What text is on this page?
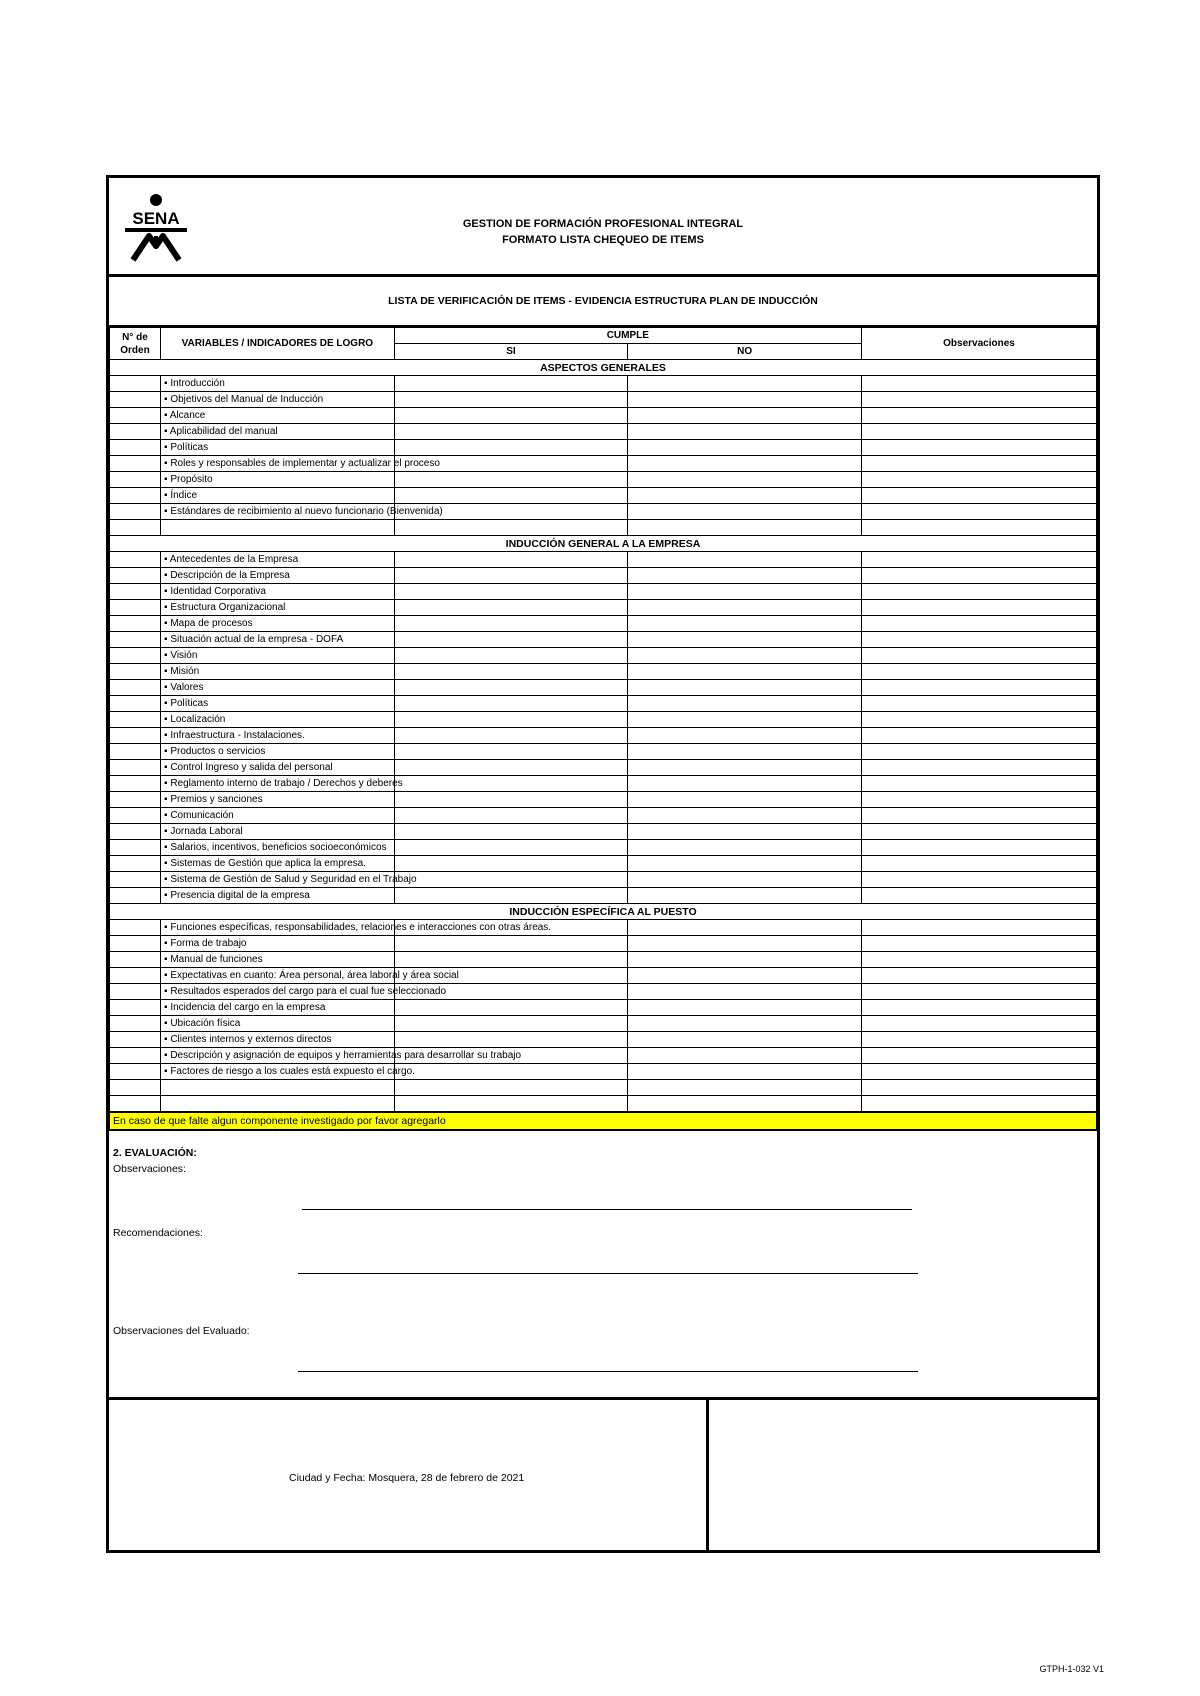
SENA	GESTION DE FORMACIÓN PROFESIONAL INTEGRAL
FORMATO LISTA CHEQUEO DE ITEMS
LISTA DE VERIFICACIÓN DE ITEMS - EVIDENCIA ESTRUCTURA PLAN DE INDUCCIÓN
N° de
Orden	VARIABLES / INDICADORES DE LOGRO	CUMPLE		Observaciones
		SI	NO	
ASPECTOS GENERALES				
	▪ Introducción			
	▪ Objetivos del Manual de Inducción			
	▪ Alcance			
	▪ Aplicabilidad del manual			
	▪ Políticas			
	▪ Roles y responsables de implementar y actualizar el proceso			
	▪ Propósito			
	▪ Índice			
	▪ Estándares de recibimiento al nuevo funcionario (Bienvenida)			

INDUCCIÓN GENERAL A LA EMPRESA				
	▪ Antecedentes de la Empresa			
	▪ Descripción de la Empresa			
	▪ Identidad Corporativa			
	▪ Estructura Organizacional			
	▪ Mapa de procesos			
	▪ Situación actual de la empresa - DOFA			
	▪ Visión			
	▪ Misión			
	▪ Valores			
	▪ Políticas			
	▪ Localización			
	▪ Infraestructura - Instalaciones.			
	▪ Productos o servicios			
	▪ Control Ingreso y salida del personal			
	▪ Reglamento interno de trabajo / Derechos y deberes			
	▪ Premios y sanciones			
	▪ Comunicación			
	▪ Jornada Laboral			
	▪ Salarios, incentivos, beneficios socioeconómicos			
	▪ Sistemas de Gestión que aplica la empresa.			
	▪ Sistema de Gestión de Salud y Seguridad en el Trabajo			
	▪ Presencia digital de la empresa			
INDUCCIÓN ESPECÍFICA AL PUESTO				
	▪ Funciones específicas, responsabilidades, relaciones e interacciones con otras áreas.			
	▪ Forma de trabajo			
	▪ Manual de funciones			
	▪ Expectativas en cuanto: Área personal, área laboral y área social			
	▪ Resultados esperados del cargo para el cual fue seleccionado			
	▪ Incidencia del cargo en la empresa			
	▪ Ubicación física			
	▪ Clientes internos y externos directos			
	▪ Descripción y asignación de equipos y herramientas para desarrollar su trabajo			
	▪ Factores de riesgo a los cuales está expuesto el cargo.			

En caso de que falte algun componente investigado por favor agregarlo
2. EVALUACIÓN:
Observaciones:
Recomendaciones:
Observaciones del Evaluado:
Ciudad y Fecha: Mosquera, 28 de febrero de 2021
GTPH-1-032 V1
